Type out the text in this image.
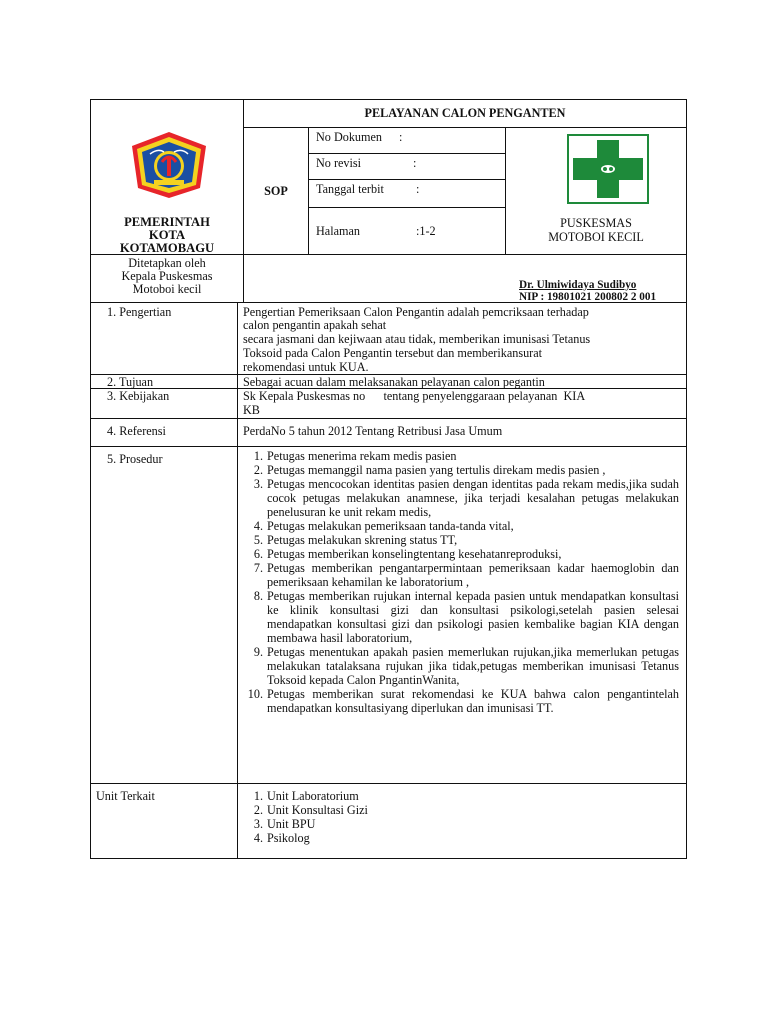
PELAYANAN CALON PENGANTEN
PEMERINTAH
KOTA
KOTAMOBAGU
SOP
No Dokumen :
No revisi	:
Tanggal terbit	:
Halaman	:1-2
PUSKESMAS
MOTOBOI KECIL
Ditetapkan oleh
Kepala Puskesmas
Motoboi kecil	Dr. Ulmiwidaya Sudibyo
NIP : 19801021 200802 2 001
1. Pengertian	Pengertian Pemeriksaan Calon Pengantin adalah pemcriksaan terhadap
calon pengantin apakah sehat
secara jasmani dan kejiwaan atau tidak, memberikan imunisasi Tetanus
Toksoid pada Calon Pengantin tersebut dan memberikansurat
rekomendasi untuk KUA.
2. Tujuan	Sebagai acuan dalam melaksanakan pelayanan calon pegantin
3. Kebijakan	Sk Kepala Puskesmas no      tentang penyelenggaraan pelayanan  KIA
KB
4. Referensi	PerdaNo 5 tahun 2012 Tentang Retribusi Jasa Umum
5. Prosedur	1. Petugas menerima rekam medis pasien
2. Petugas memanggil nama pasien yang tertulis direkam medis pasien ,
3. Petugas mencocokan identitas pasien dengan identitas pada rekam medis,jika sudah cocok petugas melakukan anamnese, jika terjadi kesalahan petugas melakukan penelusuran ke unit rekam medis,
4. Petugas melakukan pemeriksaan tanda-tanda vital,
5. Petugas melakukan skrening status TT,
6. Petugas memberikan konselingtentang kesehatanreproduksi,
7. Petugas memberikan pengantarpermintaan pemeriksaan kadar haemoglobin dan pemeriksaan kehamilan ke laboratorium ,
8. Petugas memberikan rujukan internal kepada pasien untuk mendapatkan konsultasi ke klinik konsultasi gizi dan konsultasi psikologi,setelah pasien selesai mendapatkan konsultasi gizi dan psikologi pasien kembalike bagian KIA dengan membawa hasil laboratorium,
9. Petugas menentukan apakah pasien memerlukan rujukan,jika memerlukan petugas melakukan tatalaksana rujukan jika tidak,petugas memberikan imunisasi Tetanus Toksoid kepada Calon PngantinWanita,
10. Petugas memberikan surat rekomendasi ke KUA bahwa calon pengantintelah mendapatkan konsultasiyang diperlukan dan imunisasi TT.
Unit Terkait	1. Unit Laboratorium
2. Unit Konsultasi Gizi
3. Unit BPU
4. Psikolog
